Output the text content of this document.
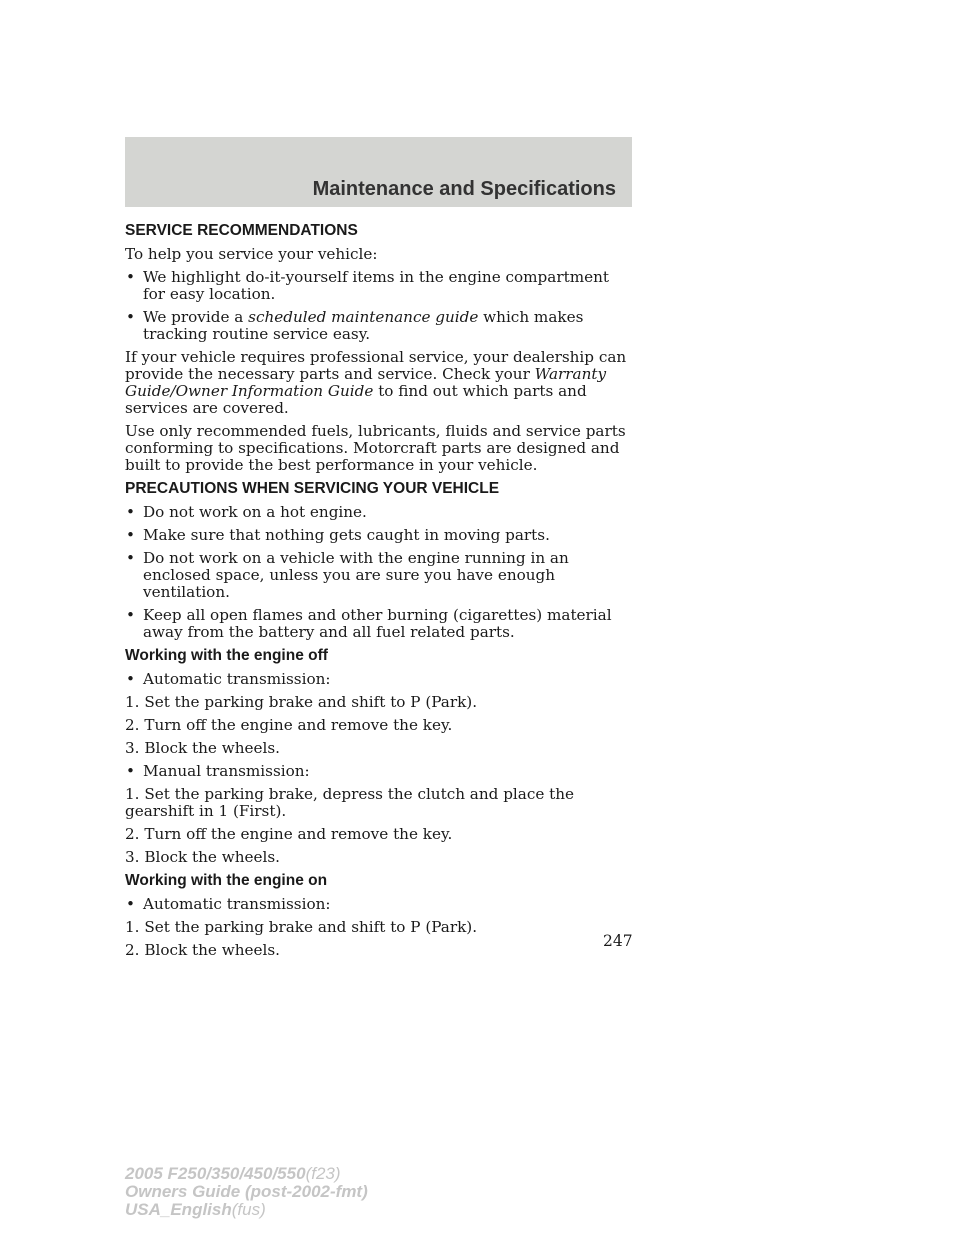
Maintenance and Specifications
SERVICE RECOMMENDATIONS

To help you service your vehicle:

• We highlight do-it-yourself items in the engine compartment for easy location.
• We provide a scheduled maintenance guide which makes tracking routine service easy.

If your vehicle requires professional service, your dealership can provide the necessary parts and service. Check your Warranty Guide/Owner Information Guide to find out which parts and services are covered.

Use only recommended fuels, lubricants, fluids and service parts conforming to specifications. Motorcraft parts are designed and built to provide the best performance in your vehicle.

PRECAUTIONS WHEN SERVICING YOUR VEHICLE
• Do not work on a hot engine.
• Make sure that nothing gets caught in moving parts.
• Do not work on a vehicle with the engine running in an enclosed space, unless you are sure you have enough ventilation.
• Keep all open flames and other burning (cigarettes) material away from the battery and all fuel related parts.
Working with the engine off
• Automatic transmission:

1. Set the parking brake and shift to P (Park).

2. Turn off the engine and remove the key.

3. Block the wheels.

• Manual transmission:

1. Set the parking brake, depress the clutch and place the gearshift in 1 (First).

2. Turn off the engine and remove the key.

3. Block the wheels.

Working with the engine on
• Automatic transmission:

1. Set the parking brake and shift to P (Park).

2. Block the wheels.	247
2005 F250/350/450/550(f23)
Owners Guide (post-2002-fmt)
USA_English(fus)
